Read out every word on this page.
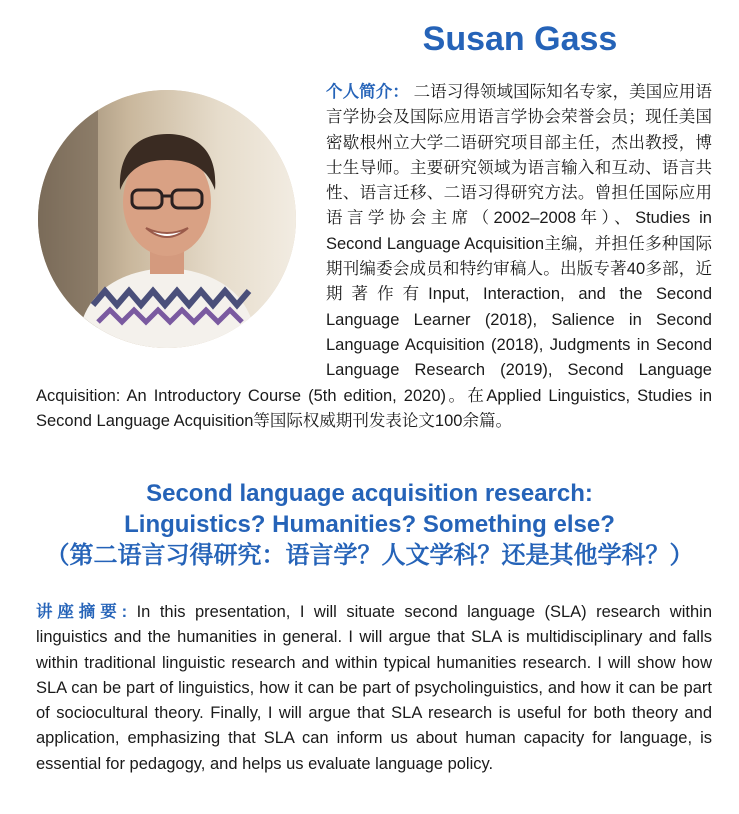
Susan Gass

个人简介： 二语习得领域国际知名专家，美国应用语言学协会及国际应用语言学协会荣誉会员；现任美国密歇根州立大学二语研究项目部主任，杰出教授，博士生导师。主要研究领域为语言输入和互动、语言共性、语言迁移、二语习得研究方法。曾担任国际应用语言学协会主席（2002–2008年）、Studies in Second Language Acquisition主编，并担任多种国际期刊编委会成员和特约审稿人。出版专著40多部，近期著作有Input, Interaction, and the Second Language Learner (2018), Salience in Second Language Acquisition (2018), Judgments in Second Language Research (2019), Second Language Acquisition: An Introductory Course (5th edition, 2020)。在Applied Linguistics, Studies in Second Language Acquisition等国际权威期刊发表论文100余篇。

Second language acquisition research:
Linguistics? Humanities? Something else?
（第二语言习得研究：语言学？人文学科？还是其他学科？）

讲座摘要: In this presentation, I will situate second language (SLA) research within linguistics and the humanities in general. I will argue that SLA is multidisciplinary and falls within traditional linguistic research and within typical humanities research. I will show how SLA can be part of linguistics, how it can be part of psycholinguistics, and how it can be part of sociocultural theory. Finally, I will argue that SLA research is useful for both theory and application, emphasizing that SLA can inform us about human capacity for language, is essential for pedagogy, and helps us evaluate language policy.
